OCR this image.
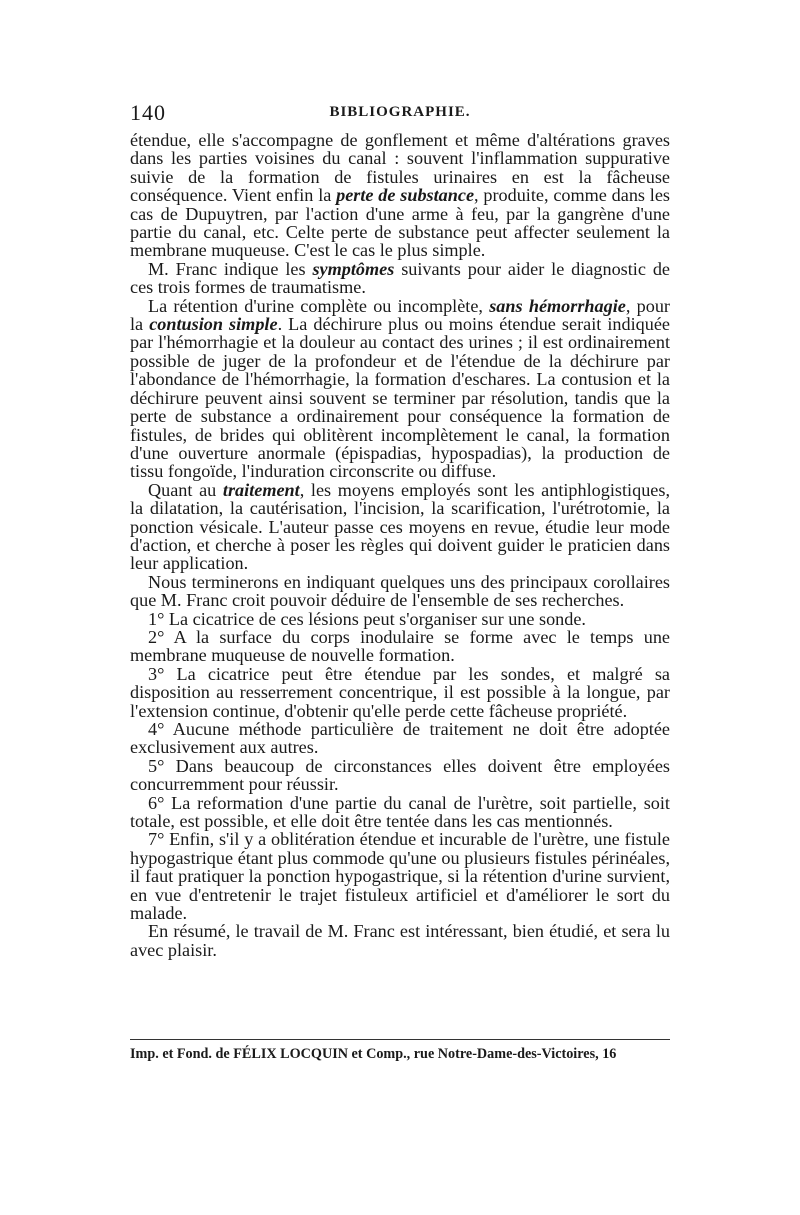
140	BIBLIOGRAPHIE.

étendue, elle s'accompagne de gonflement et même d'altérations graves dans les parties voisines du canal : souvent l'inflammation suppurative suivie de la formation de fistules urinaires en est la fâcheuse conséquence. Vient enfin la perte de substance, produite, comme dans les cas de Dupuytren, par l'action d'une arme à feu, par la gangrène d'une partie du canal, etc. Celte perte de substance peut affecter seulement la membrane muqueuse. C'est le cas le plus simple.

M. Franc indique les symptômes suivants pour aider le diagnostic de ces trois formes de traumatisme.

La rétention d'urine complète ou incomplète, sans hémorrhagie, pour la contusion simple. La déchirure plus ou moins étendue serait indiquée par l'hémorrhagie et la douleur au contact des urines ; il est ordinairement possible de juger de la profondeur et de l'étendue de la déchirure par l'abondance de l'hémorrhagie, la formation d'eschares. La contusion et la déchirure peuvent ainsi souvent se terminer par résolution, tandis que la perte de substance a ordinairement pour conséquence la formation de fistules, de brides qui oblitèrent incomplètement le canal, la formation d'une ouverture anormale (épispadias, hypospadias), la production de tissu fongoïde, l'induration circonscrite ou diffuse.

Quant au traitement, les moyens employés sont les antiphlogistiques, la dilatation, la cautérisation, l'incision, la scarification, l'urétrotomie, la ponction vésicale. L'auteur passe ces moyens en revue, étudie leur mode d'action, et cherche à poser les règles qui doivent guider le praticien dans leur application.

Nous terminerons en indiquant quelques uns des principaux corollaires que M. Franc croit pouvoir déduire de l'ensemble de ses recherches.

1° La cicatrice de ces lésions peut s'organiser sur une sonde.

2° A la surface du corps inodulaire se forme avec le temps une membrane muqueuse de nouvelle formation.

3° La cicatrice peut être étendue par les sondes, et malgré sa disposition au resserrement concentrique, il est possible à la longue, par l'extension continue, d'obtenir qu'elle perde cette fâcheuse propriété.

4° Aucune méthode particulière de traitement ne doit être adoptée exclusivement aux autres.

5° Dans beaucoup de circonstances elles doivent être employées concurremment pour réussir.

6° La reformation d'une partie du canal de l'urètre, soit partielle, soit totale, est possible, et elle doit être tentée dans les cas mentionnés.

7° Enfin, s'il y a oblitération étendue et incurable de l'urètre, une fistule hypogastrique étant plus commode qu'une ou plusieurs fistules périnéales, il faut pratiquer la ponction hypogastrique, si la rétention d'urine survient, en vue d'entretenir le trajet fistuleux artificiel et d'améliorer le sort du malade.

En résumé, le travail de M. Franc est intéressant, bien étudié, et sera lu avec plaisir.

Imp. et Fond. de FÉLIX LOCQUIN et Comp., rue Notre-Dame-des-Victoires, 16
